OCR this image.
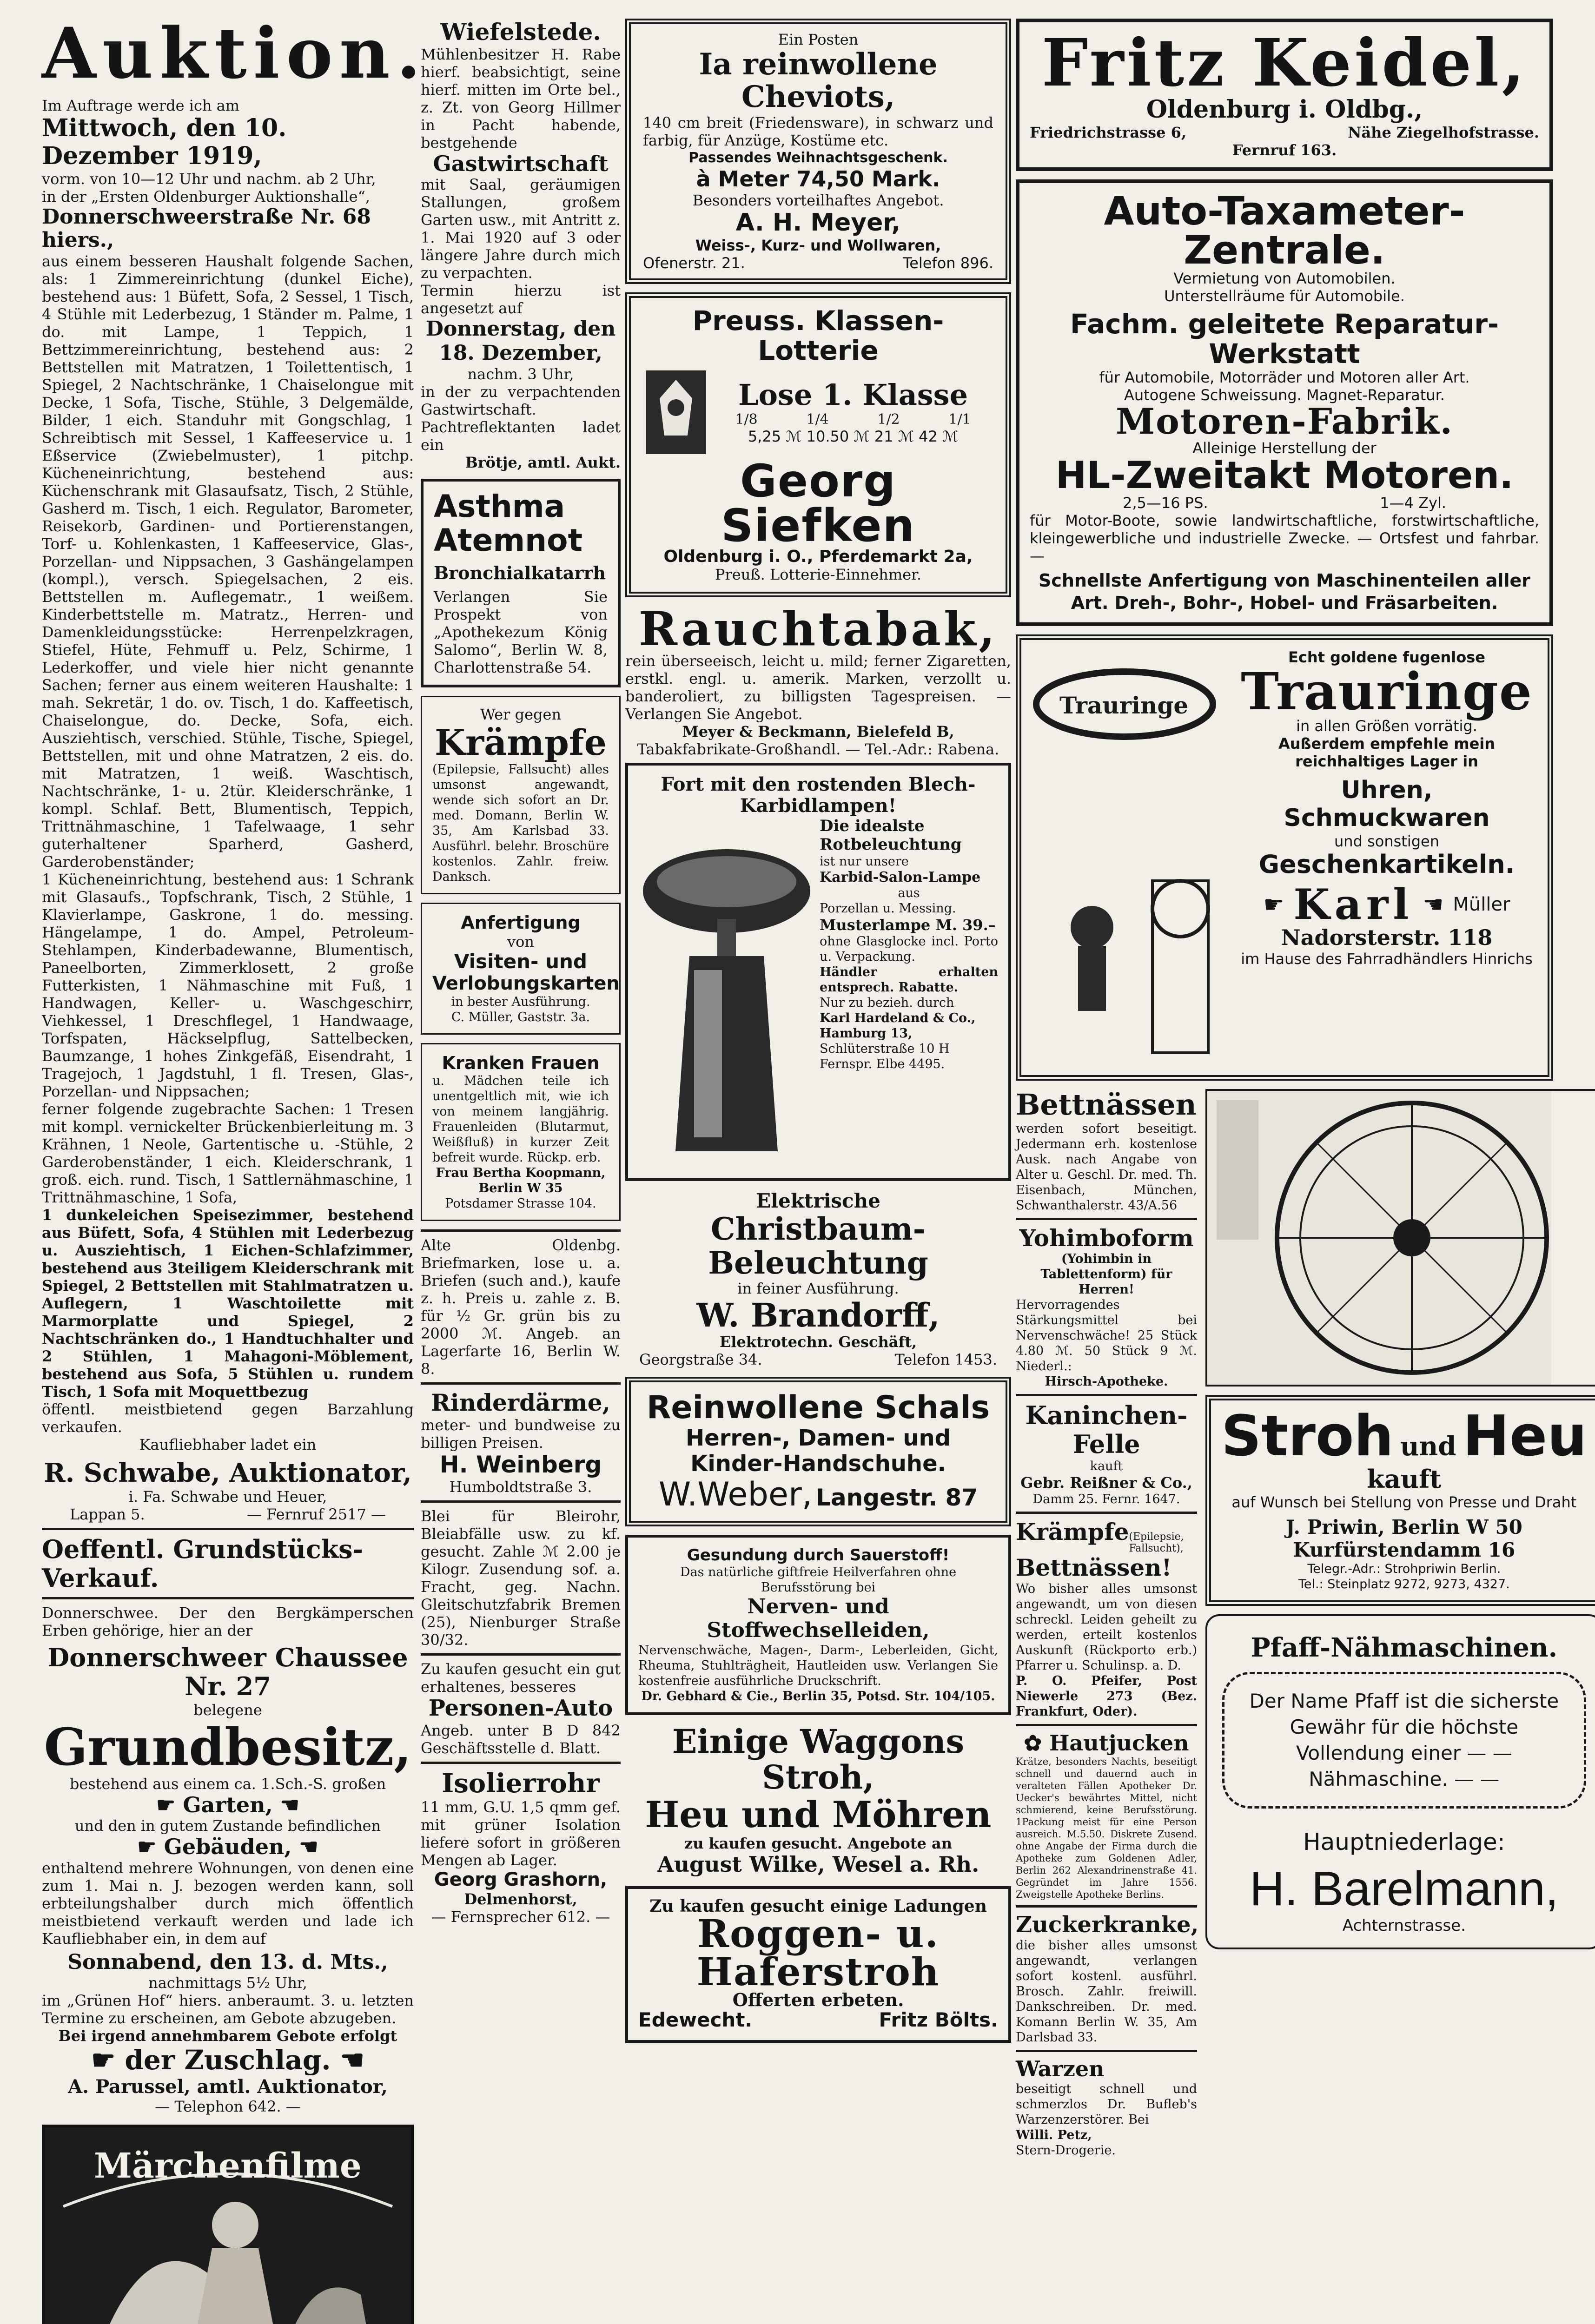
Auktion.

Im Auftrage werde ich am

Mittwoch, den 10. Dezember 1919,

vorm. von 10—12 Uhr und nachm. ab 2 Uhr,

in der „Ersten Oldenburger Auktionshalle“,

Donnerschweerstraße Nr. 68 hiers.,

aus einem besseren Haushalt folgende Sachen, als: 1 Zimmereinrichtung (dunkel Eiche), bestehend aus: 1 Büfett, Sofa, 2 Sessel, 1 Tisch, 4 Stühle mit Lederbezug, 1 Ständer m. Palme, 1 do. mit Lampe, 1 Teppich, 1 Bettzimmereinrichtung, bestehend aus: 2 Bettstellen mit Matratzen, 1 Toilettentisch, 1 Spiegel, 2 Nachtschränke, 1 Chaiselongue mit Decke, 1 Sofa, Tische, Stühle, 3 Delgemälde, Bilder, 1 eich. Standuhr mit Gongschlag, 1 Schreibtisch mit Sessel, 1 Kaffeeservice u. 1 Eßservice (Zwiebelmuster), 1 pitchp. Kücheneinrichtung, bestehend aus: Küchenschrank mit Glasaufsatz, Tisch, 2 Stühle, Gasherd m. Tisch, 1 eich. Regulator, Barometer, Reisekorb, Gardinen- und Portierenstangen, Torf- u. Kohlenkasten, 1 Kaffeeservice, Glas-, Porzellan- und Nippsachen, 3 Gashängelampen (kompl.), versch. Spiegelsachen, 2 eis. Bettstellen m. Auflegematr., 1 weißem. Kinderbettstelle m. Matratz., Herren- und Damenkleidungsstücke: Herrenpelzkragen, Stiefel, Hüte, Fehmuff u. Pelz, Schirme, 1 Lederkoffer, und viele hier nicht genannte Sachen; ferner aus einem weiteren Haushalte: 1 mah. Sekretär, 1 do. ov. Tisch, 1 do. Kaffeetisch, Chaiselongue, do. Decke, Sofa, eich. Ausziehtisch, verschied. Stühle, Tische, Spiegel, Bettstellen, mit und ohne Matratzen, 2 eis. do. mit Matratzen, 1 weiß. Waschtisch, Nachtschränke, 1- u. 2tür. Kleiderschränke, 1 kompl. Schlaf. Bett, Blumentisch, Teppich, Trittnähmaschine, 1 Tafelwaage, 1 sehr guterhaltener Sparherd, Gasherd, Garderobenständer;

1 Kücheneinrichtung, bestehend aus: 1 Schrank mit Glasaufs., Topfschrank, Tisch, 2 Stühle, 1 Klavierlampe, Gaskrone, 1 do. messing. Hängelampe, 1 do. Ampel, Petroleum-Stehlampen, Kinderbadewanne, Blumentisch, Paneelborten, Zimmerklosett, 2 große Futterkisten, 1 Nähmaschine mit Fuß, 1 Handwagen, Keller- u. Waschgeschirr, Viehkessel, 1 Dreschflegel, 1 Handwaage, Torfspaten, Häckselpflug, Sattelbecken, Baumzange, 1 hohes Zinkgefäß, Eisendraht, 1 Tragejoch, 1 Jagdstuhl, 1 fl. Tresen, Glas-, Porzellan- und Nippsachen;

ferner folgende zugebrachte Sachen: 1 Tresen mit kompl. vernickelter Brückenbierleitung m. 3 Krähnen, 1 Neole, Gartentische u. -Stühle, 2 Garderobenständer, 1 eich. Kleiderschrank, 1 groß. eich. rund. Tisch, 1 Sattlernähmaschine, 1 Trittnähmaschine, 1 Sofa,

1 dunkeleichen Speisezimmer, bestehend aus Büfett, Sofa, 4 Stühlen mit Lederbezug u. Ausziehtisch, 1 Eichen-Schlafzimmer, bestehend aus 3teiligem Kleiderschrank mit Spiegel, 2 Bettstellen mit Stahlmatratzen u. Auflegern, 1 Waschtoilette mit Marmorplatte und Spiegel, 2 Nachtschränken do., 1 Handtuchhalter und 2 Stühlen, 1 Mahagoni-Möblement, bestehend aus Sofa, 5 Stühlen u. rundem Tisch, 1 Sofa mit Moquettbezug

öffentl. meistbietend gegen Barzahlung verkaufen.

Kaufliebhaber ladet ein

R. Schwabe, Auktionator,

i. Fa. Schwabe und Heuer,

Lappan 5.	— Fernruf 2517 —

Oeffentl. Grundstücks-Verkauf.

Donnerschwee. Der den Bergkämperschen Erben gehörige, hier an der

Donnerschweer Chaussee Nr. 27

belegene

Grundbesitz,

bestehend aus einem ca. 1.Sch.-S. großen

☛ Garten, ☚

und den in gutem Zustande befindlichen

☛ Gebäuden, ☚

enthaltend mehrere Wohnungen, von denen eine zum 1. Mai n. J. bezogen werden kann, soll erbteilungshalber durch mich öffentlich meistbietend verkauft werden und lade ich Kaufliebhaber ein, in dem auf

Sonnabend, den 13. d. Mts.,

nachmittags 5½ Uhr,

im „Grünen Hof“ hiers. anberaumt. 3. u. letzten Termine zu erscheinen, am Gebote abzugeben.

Bei irgend annehmbarem Gebote erfolgt

☛ der Zuschlag. ☚
A. Parussel, amtl. Auktionator,

— Telephon 642. —

Märchenfilme

Wiefelstede.

Mühlenbesitzer H. Rabe hierf. beabsichtigt, seine hierf. mitten im Orte bel., z. Zt. von Georg Hillmer in Pacht habende, bestgehende

Gastwirtschaft

mit Saal, geräumigen Stallungen, großem Garten usw., mit Antritt z. 1. Mai 1920 auf 3 oder längere Jahre durch mich zu verpachten.

Termin hierzu ist angesetzt auf

Donnerstag, den 18. Dezember,

nachm. 3 Uhr,

in der zu verpachtenden Gastwirtschaft. Pachtreflektanten ladet ein

Brötje, amtl. Aukt.

Asthma
Atemnot
Bronchialkatarrh

Verlangen Sie Prospekt von „Apothekezum König Salomo“, Berlin W. 8, Charlottenstraße 54.

Wer gegen

Krämpfe

(Epilepsie, Fallsucht) alles umsonst angewandt, wende sich sofort an Dr. med. Domann, Berlin W. 35, Am Karlsbad 33. Ausführl. belehr. Broschüre kostenlos. Zahlr. freiw. Danksch.

Anfertigung

von

Visiten- und
Verlobungskarten

in bester Ausführung.

C. Müller, Gaststr. 3a.

Kranken Frauen

u. Mädchen teile ich unentgeltlich mit, wie ich von meinem langjährig. Frauenleiden (Blutarmut, Weißfluß) in kurzer Zeit befreit wurde. Rückp. erb.

Frau Bertha Koopmann, Berlin W 35

Potsdamer Strasse 104.

Alte Oldenbg. Briefmarken, lose u. a. Briefen (such and.), kaufe z. h. Preis u. zahle z. B. für ½ Gr. grün bis zu 2000 ℳ. Angeb. an Lagerfarte 16, Berlin W. 8.

Rinderdärme,

meter- und bundweise zu billigen Preisen.

H. Weinberg

Humboldtstraße 3.

Blei für Bleirohr, Bleiabfälle usw. zu kf. gesucht. Zahle ℳ 2.00 je Kilogr. Zusendung sof. a. Fracht, geg. Nachn. Gleitschutzfabrik Bremen (25), Nienburger Straße 30/32.

Zu kaufen gesucht ein gut erhaltenes, besseres

Personen-Auto

Angeb. unter B D 842 Geschäftsstelle d. Blatt.

Isolierrohr

11 mm, G.U. 1,5 qmm gef. mit grüner Isolation liefere sofort in größeren Mengen ab Lager.

Georg Grashorn,

Delmenhorst,

— Fernsprecher 612. —

Ein Posten

Ia reinwollene Cheviots,

140 cm breit (Friedensware), in schwarz und farbig, für Anzüge, Kostüme etc.

Passendes Weihnachtsgeschenk.

à Meter 74,50 Mark.

Besonders vorteilhaftes Angebot.

A. H. Meyer,

Weiss-, Kurz- und Wollwaren,

Ofenerstr. 21.	Telefon 896.

Preuss. Klassen-Lotterie
Lose 1. Klasse
1/8	1/4	1/2	1/1

5,25 ℳ 10.50 ℳ 21 ℳ 42 ℳ

Georg Siefken

Oldenburg i. O., Pferdemarkt 2a,

Preuß. Lotterie-Einnehmer.

Rauchtabak,

rein überseeisch, leicht u. mild; ferner Zigaretten, erstkl. engl. u. amerik. Marken, verzollt u. banderoliert, zu billigsten Tagespreisen. — Verlangen Sie Angebot.

Meyer & Beckmann, Bielefeld B,

Tabakfabrikate-Großhandl. — Tel.-Adr.: Rabena.

Fort mit den rostenden Blech-Karbidlampen!
Die idealste Rotbeleuchtung

ist nur unsere

Karbid-Salon-Lampe

aus

Porzellan u. Messing.

Musterlampe M. 39.–

ohne Glasglocke incl. Porto u. Verpackung.

Händler erhalten entsprech. Rabatte.

Nur zu bezieh. durch

Karl Hardeland & Co.,

Hamburg 13,

Schlüterstraße 10 H

Fernspr. Elbe 4495.

Elektrische
Christbaum-Beleuchtung

in feiner Ausführung.

W. Brandorff,

Elektrotechn. Geschäft,

Georgstraße 34.	Telefon 1453.

Reinwollene Schals
Herren-, Damen- und
Kinder-Handschuhe.
W.Weber, Langestr. 87
Gesundung durch Sauerstoff!

Das natürliche giftfreie Heilverfahren ohne Berufsstörung bei

Nerven- und Stoffwechselleiden,

Nervenschwäche, Magen-, Darm-, Leberleiden, Gicht, Rheuma, Stuhlträgheit, Hautleiden usw. Verlangen Sie kostenfreie ausführliche Druckschrift.

Dr. Gebhard & Cie., Berlin 35, Potsd. Str. 104/105.

Einige Waggons Stroh,
Heu und Möhren

zu kaufen gesucht. Angebote an

August Wilke, Wesel a. Rh.

Zu kaufen gesucht einige Ladungen

Roggen- u. Haferstroh

Offerten erbeten.

Edewecht.	Fritz Bölts.
Fritz Keidel,
Oldenburg i. Oldbg.,

Friedrichstrasse 6,	Nähe Ziegelhofstrasse.

Fernruf 163.

Auto-Taxameter-Zentrale.

Vermietung von Automobilen.

Unterstellräume für Automobile.

Fachm. geleitete Reparatur-Werkstatt

für Automobile, Motorräder und Motoren aller Art.

Autogene Schweissung. Magnet-Reparatur.

Motoren-Fabrik.

Alleinige Herstellung der

HL-Zweitakt Motoren.

2,5—16 PS.	1—4 Zyl.

für Motor-Boote, sowie landwirtschaftliche, forstwirtschaftliche, kleingewerbliche und industrielle Zwecke. — Ortsfest und fahrbar. —

Schnellste Anfertigung von Maschinenteilen aller Art. Dreh-, Bohr-, Hobel- und Fräsarbeiten.

Trauringe

Echt goldene fugenlose

Trauringe

in allen Größen vorrätig.

Außerdem empfehle mein reichhaltiges Lager in

Uhren, Schmuckwaren

und sonstigen

Geschenkartikeln.
☛ Karl ☚ Müller
Nadorsterstr. 118

im Hause des Fahrradhändlers Hinrichs

Bettnässen

werden sofort beseitigt. Jedermann erh. kostenlose Ausk. nach Angabe von Alter u. Geschl. Dr. med. Th. Eisenbach, München, Schwanthalerstr. 43/A.56

Yohimboform

(Yohimbin in Tablettenform) für Herren!

Hervorragendes Stärkungsmittel bei Nervenschwäche! 25 Stück 4.80 ℳ. 50 Stück 9 ℳ. Niederl.:

Hirsch-Apotheke.

Kaninchen-Felle

kauft

Gebr. Reißner & Co.,

Damm 25. Fernr. 1647.

Krämpfe (Epilepsie, Fallsucht),
Bettnässen!

Wo bisher alles umsonst angewandt, um von diesen schreckl. Leiden geheilt zu werden, erteilt kostenlos Auskunft (Rückporto erb.) Pfarrer u. Schulinsp. a. D.

P. O. Pfeifer, Post Niewerle 273 (Bez. Frankfurt, Oder).

✿ Hautjucken

Krätze, besonders Nachts, beseitigt schnell und dauernd auch in veralteten Fällen Apotheker Dr. Uecker's bewährtes Mittel, nicht schmierend, keine Berufsstörung. 1Packung meist für eine Person ausreich. M.5.50. Diskrete Zusend. ohne Angabe der Firma durch die Apotheke zum Goldenen Adler, Berlin 262 Alexandrinenstraße 41. Gegründet im Jahre 1556. Zweigstelle Apotheke Berlins.

Zuckerkranke,

die bisher alles umsonst angewandt, verlangen sofort kostenl. ausführl. Brosch. Zahlr. freiwill. Dankschreiben. Dr. med. Komann Berlin W. 35, Am Darlsbad 33.

Warzen

beseitigt schnell und schmerzlos Dr. Bufleb's Warzenzerstörer. Bei

Willi. Petz,

Stern-Drogerie.

Stroh und Heu
kauft

auf Wunsch bei Stellung von Presse und Draht

J. Priwin, Berlin W 50
Kurfürstendamm 16

Telegr.-Adr.: Strohpriwin Berlin.

Tel.: Steinplatz 9272, 9273, 4327.

Pfaff-Nähmaschinen.

Der Name Pfaff ist die sicherste Gewähr für die höchste Vollendung einer — — Nähmaschine. — —

Hauptniederlage:

H. Barelmann,

Achternstrasse.
